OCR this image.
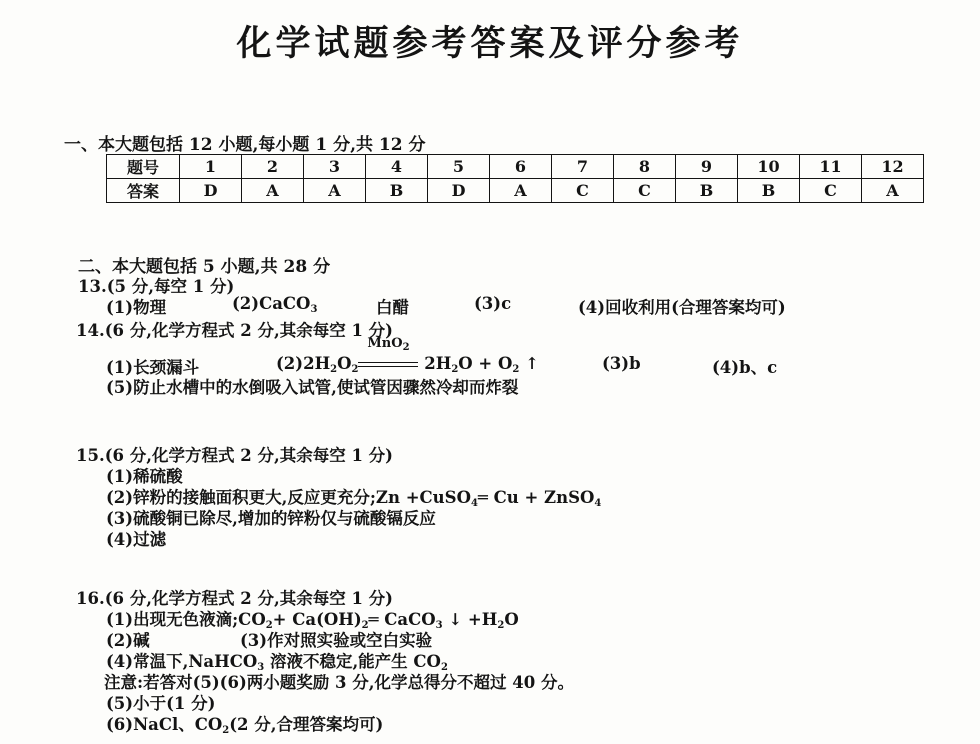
化学试题参考答案及评分参考
一、本大题包括 12 小题,每小题 1 分,共 12 分
题号	1	2	3	4	5	6	7	8	9	10	11	12
答案	D	A	A	B	D	A	C	C	B	B	C	A
二、本大题包括 5 小题,共 28 分
13.(5 分,每空 1 分)
(1)物理	(2)CaCO$_3$	白醋	(3)c	(4)回收利用(合理答案均可)
14.(6 分,化学方程式 2 分,其余每空 1 分)
(1)长颈漏斗	$(2)2H_2O_2$
MnO$_2$
$2H_2O + O_2$ ↑	(3)b	(4)b、c
(5)防止水槽中的水倒吸入试管,使试管因骤然冷却而炸裂
15.(6 分,化学方程式 2 分,其余每空 1 分)
(1)稀硫酸
(2)锌粉的接触面积更大,反应更充分;Zn +CuSO$_4$═ Cu + ZnSO$_4$
(3)硫酸铜已除尽,增加的锌粉仅与硫酸镉反应
(4)过滤
16.(6 分,化学方程式 2 分,其余每空 1 分)
(1)出现无色液滴$;CO_2+$ $Ca(OH)_2═$ CaCO$_3$ ↓ $+H_2O$
(2)碱	(3)作对照实验或空白实验
(4)常温下,NaHCO$_3$ 溶液不稳定,能产生 $CO_2$
注意:若答对(5)(6)两小题奖励 3 分,化学总得分不超过 40 分。
(5)小于(1 分)
(6)NaCl、$CO_2(2$ 分,合理答案均可)
